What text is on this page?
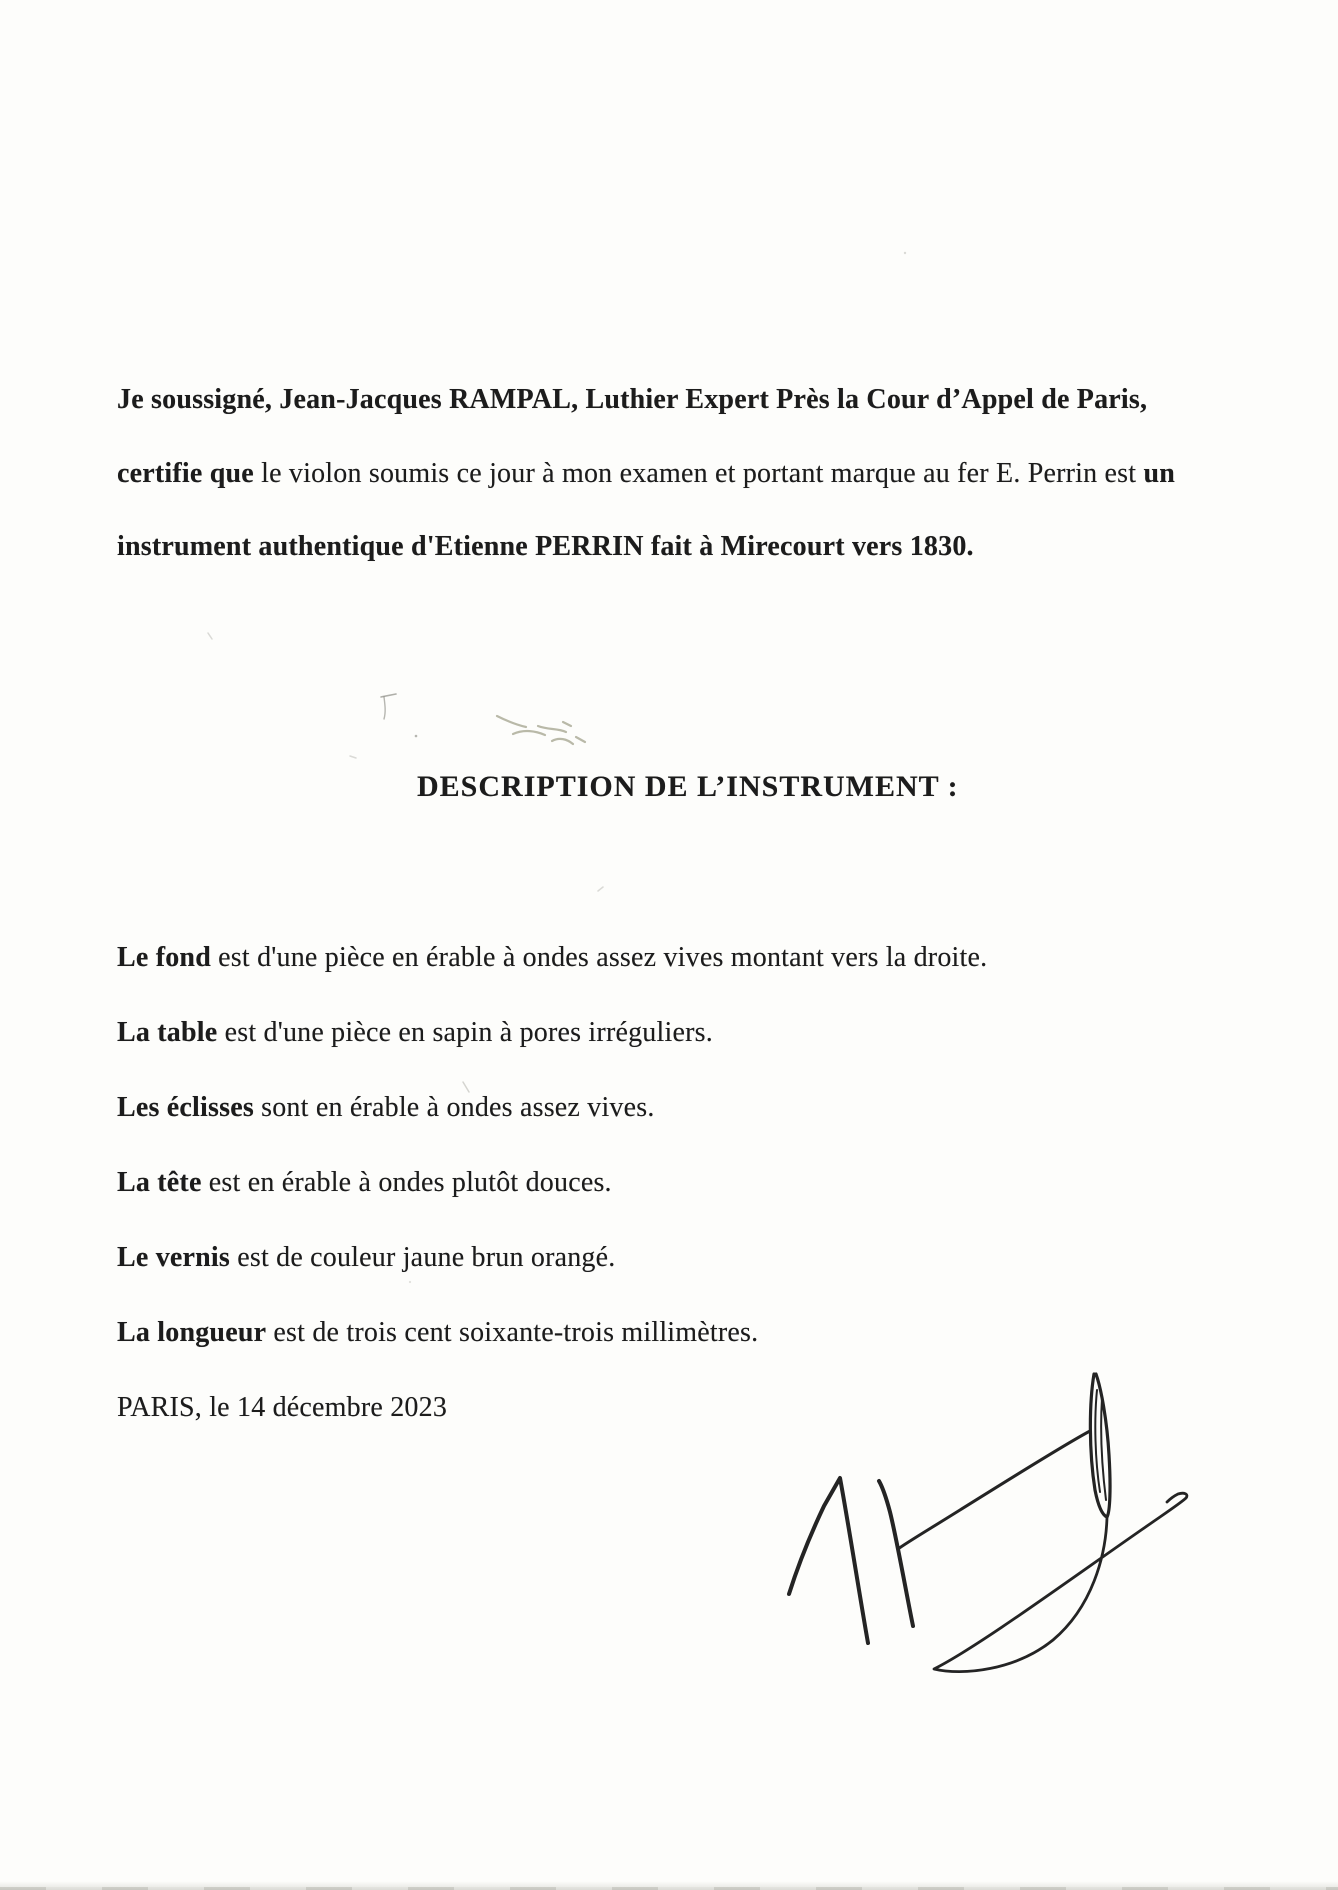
Je soussigné, Jean-Jacques RAMPAL, Luthier Expert Près la Cour d’Appel de Paris,

certifie que le violon soumis ce jour à mon examen et portant marque au fer E. Perrin est un

instrument authentique d'Etienne PERRIN fait à Mirecourt vers 1830.

DESCRIPTION DE L’INSTRUMENT :

Le fond est d'une pièce en érable à ondes assez vives montant vers la droite.

La table est d'une pièce en sapin à pores irréguliers.

Les éclisses sont en érable à ondes assez vives.

La tête est en érable à ondes plutôt douces.

Le vernis est de couleur jaune brun orangé.

La longueur est de trois cent soixante-trois millimètres.

PARIS, le 14 décembre 2023
